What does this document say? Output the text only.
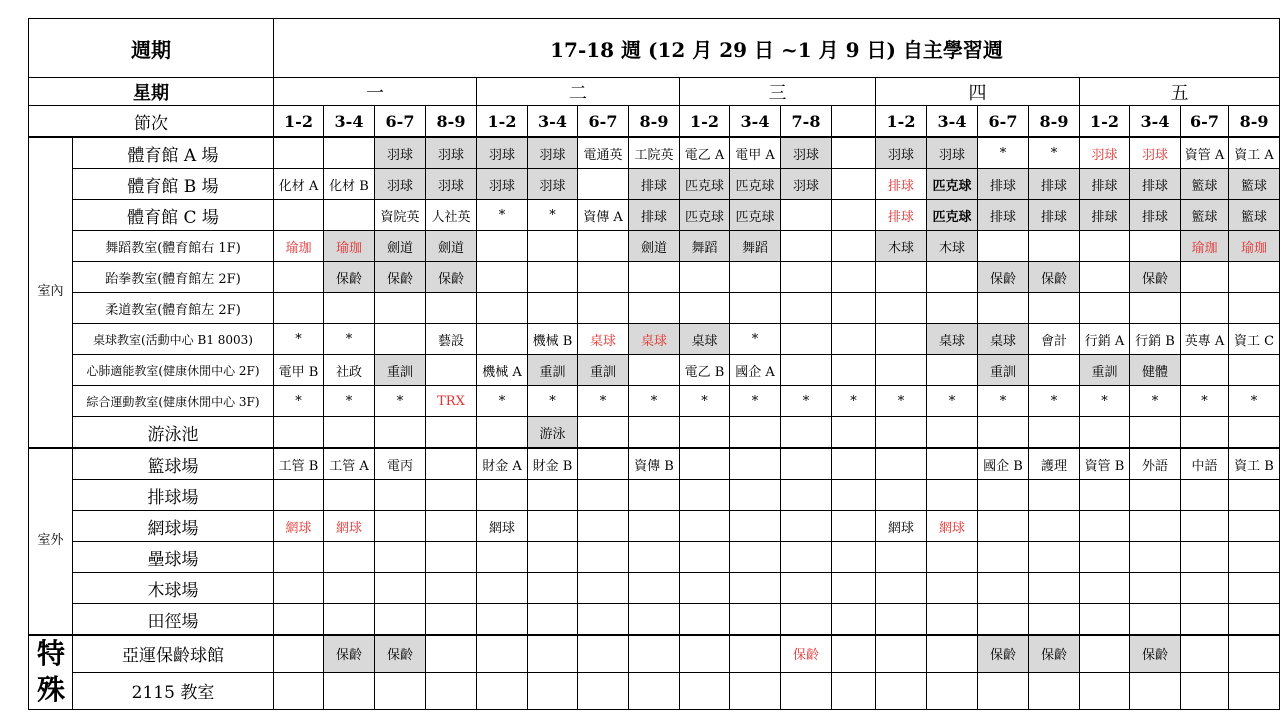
週期		17-18 週 (12 月 29 日 ~1 月 9 日) 自主學習週																			
星期		一				二				三				四				五			
節次		1-2	3-4	6-7	8-9	1-2	3-4	6-7	8-9	1-2	3-4	7-8		1-2	3-4	6-7	8-9	1-2	3-4	6-7	8-9
室內	體育館 A 場			羽球	羽球	羽球	羽球	電通英	工院英	電乙 A	電甲 A	羽球		羽球	羽球	*	*	羽球	羽球	資管 A	資工 A
	體育館 B 場	化材 A	化材 B	羽球	羽球	羽球	羽球		排球	匹克球	匹克球	羽球		排球	匹克球	排球	排球	排球	排球	籃球	籃球
	體育館 C 場			資院英	人社英	*	*	資傳 A	排球	匹克球	匹克球			排球	匹克球	排球	排球	排球	排球	籃球	籃球
	舞蹈教室(體育館右 1F)	瑜珈	瑜珈	劍道	劍道				劍道	舞蹈	舞蹈			木球	木球					瑜珈	瑜珈
	跆拳教室(體育館左 2F)		保齡	保齡	保齡											保齡	保齡		保齡		
	柔道教室(體育館左 2F)																				
	桌球教室(活動中心 B1 8003)	*	*		藝設		機械 B	桌球	桌球	桌球	*				桌球	桌球	會計	行銷 A	行銷 B	英專 A	資工 C
	心肺適能教室(健康休閒中心 2F)	電甲 B	社政	重訓		機械 A	重訓	重訓		電乙 B	國企 A					重訓		重訓	健體		
	綜合運動教室(健康休閒中心 3F)	*	*	*	TRX	*	*	*	*	*	*	*	*	*	*	*	*	*	*	*	*
	游泳池						游泳														
室外	籃球場	工管 B	工管 A	電丙		財金 A	財金 B		資傳 B							國企 B	護理	資管 B	外語	中語	資工 B
	排球場																				
	網球場	網球	網球			網球								網球	網球						
	壘球場																				
	木球場																				
	田徑場																				
特殊	亞運保齡球館		保齡	保齡								保齡				保齡	保齡		保齡		
	2115 教室																				
